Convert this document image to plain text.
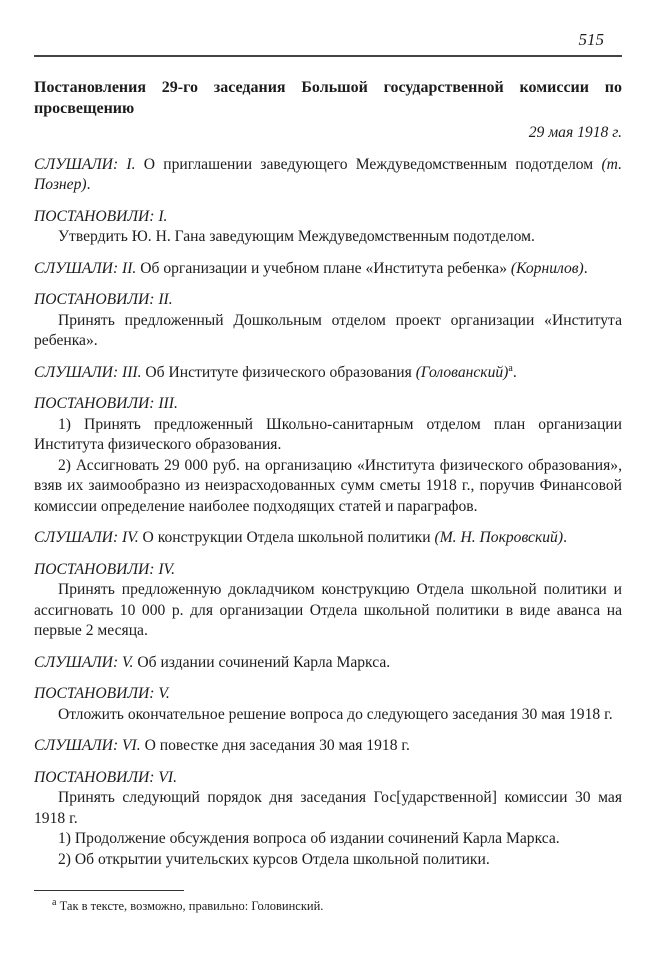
515

Постановления 29-го заседания Большой государственной комиссии по просвещению

29 мая 1918 г.

СЛУШАЛИ: I. О приглашении заведующего Междуведомственным подотделом (т. Познер).

ПОСТАНОВИЛИ: I.

Утвердить Ю. Н. Гана заведующим Междуведомственным подотделом.

СЛУШАЛИ: II. Об организации и учебном плане «Института ребенка» (Корнилов).

ПОСТАНОВИЛИ: II.

Принять предложенный Дошкольным отделом проект организации «Института ребенка».

СЛУШАЛИ: III. Об Институте физического образования (Голованский)$^а$.

ПОСТАНОВИЛИ: III.

1) Принять предложенный Школьно-санитарным отделом план организации Института физического образования.

2) Ассигновать 29 000 руб. на организацию «Института физического образования», взяв их заимообразно из неизрасходованных сумм сметы 1918 г., поручив Финансовой комиссии определение наиболее подходящих статей и параграфов.

СЛУШАЛИ: IV. О конструкции Отдела школьной политики (М. Н. Покровский).

ПОСТАНОВИЛИ: IV.

Принять предложенную докладчиком конструкцию Отдела школьной политики и ассигновать 10 000 р. для организации Отдела школьной политики в виде аванса на первые 2 месяца.

СЛУШАЛИ: V. Об издании сочинений Карла Маркса.

ПОСТАНОВИЛИ: V.

Отложить окончательное решение вопроса до следующего заседания 30 мая 1918 г.

СЛУШАЛИ: VI. О повестке дня заседания 30 мая 1918 г.

ПОСТАНОВИЛИ: VI.

Принять следующий порядок дня заседания Гос[ударственной] комиссии 30 мая 1918 г.

1) Продолжение обсуждения вопроса об издании сочинений Карла Маркса.

2) Об открытии учительских курсов Отдела школьной политики.

$^а$ Так в тексте, возможно, правильно: Головинский.
